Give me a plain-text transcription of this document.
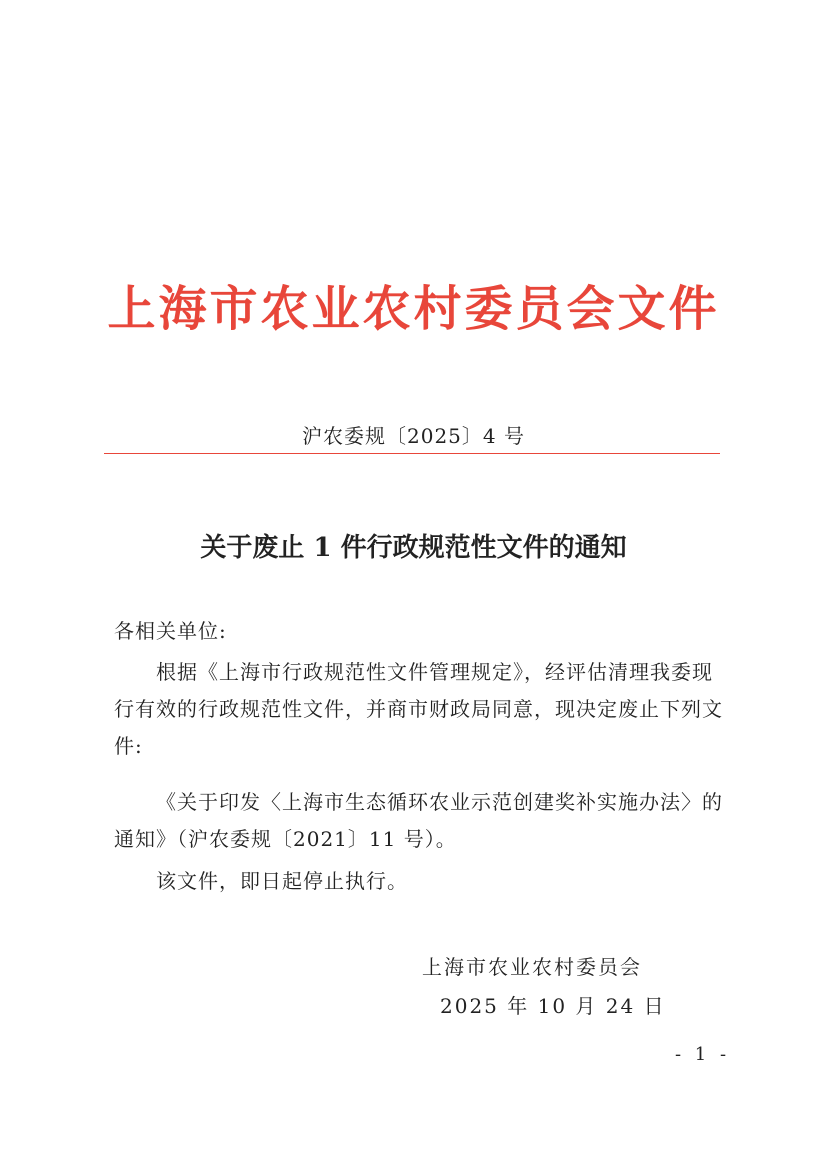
上海市农业农村委员会文件
沪农委规〔2025〕4 号
关于废止 1 件行政规范性文件的通知
各相关单位:
根据《上海市行政规范性文件管理规定》，经评估清理我委现行有效的行政规范性文件，并商市财政局同意，现决定废止下列文件:
《关于印发〈上海市生态循环农业示范创建奖补实施办法〉的通知》（沪农委规〔2021〕11 号）。
该文件，即日起停止执行。
上海市农业农村委员会
2025 年 10 月 24 日
- 1 -
